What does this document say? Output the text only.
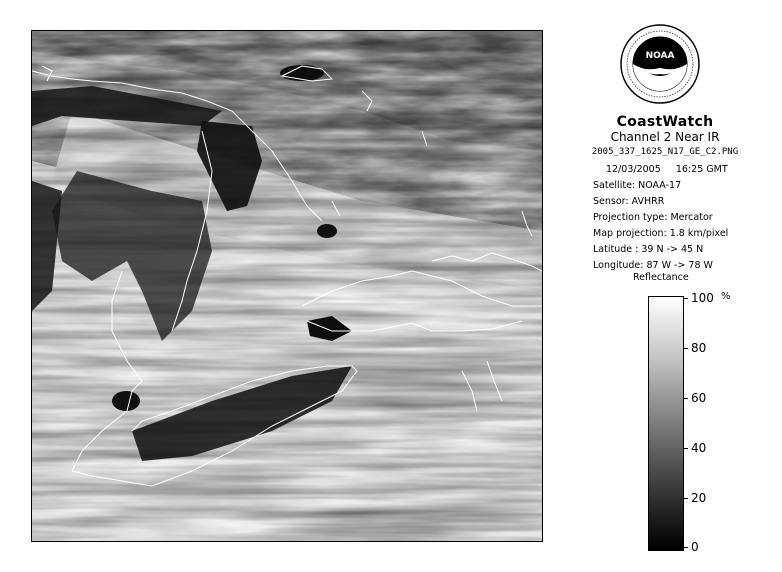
NOAA
CoastWatch
Channel 2 Near IR
2005_337_1625_N17_GE_C2.PNG
12/03/2005 16:25 GMT
Satellite: NOAA-17
Sensor: AVHRR
Projection type: Mercator
Map projection: 1.8 km/pixel
Latitude : 39 N -> 45 N
Longitude: 87 W -> 78 W
Reflectance
%
100
80
60
40
20
0
